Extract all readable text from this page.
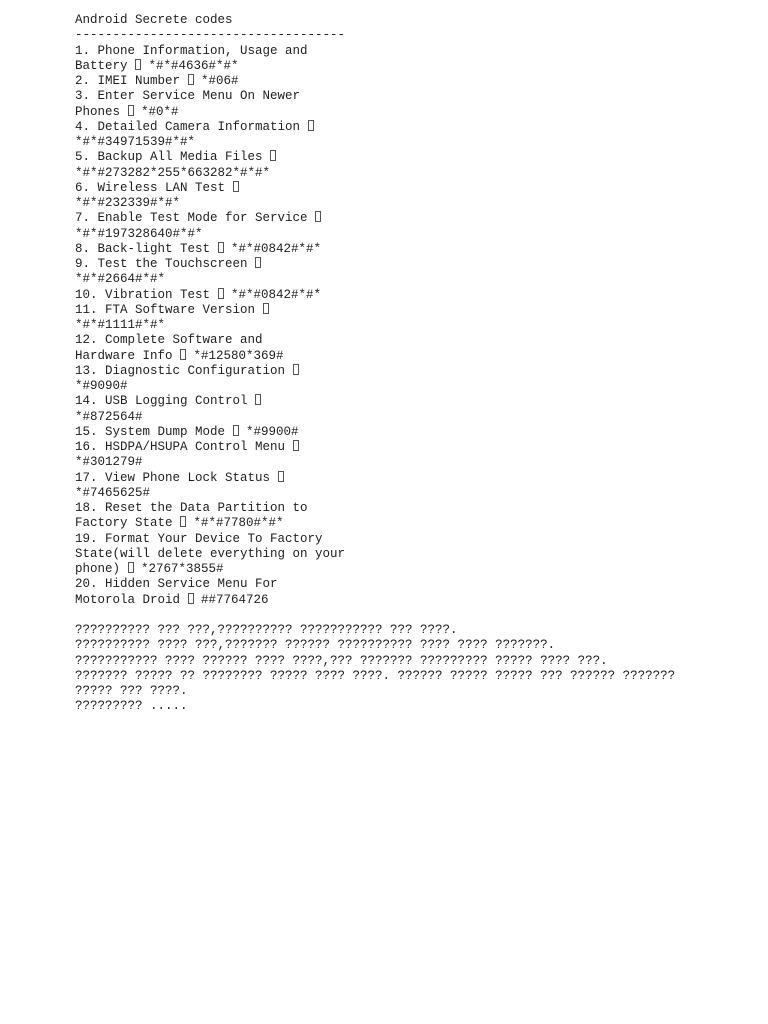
Android Secrete codes
------------------------------------
1. Phone Information, Usage and
Battery  *#*#4636#*#*
2. IMEI Number  *#06#
3. Enter Service Menu On Newer
Phones  *#0*#
4. Detailed Camera Information
*#*#34971539#*#*
5. Backup All Media Files
*#*#273282*255*663282*#*#*
6. Wireless LAN Test
*#*#232339#*#*
7. Enable Test Mode for Service
*#*#197328640#*#*
8. Back-light Test  *#*#0842#*#*
9. Test the Touchscreen
*#*#2664#*#*
10. Vibration Test  *#*#0842#*#*
11. FTA Software Version
*#*#1111#*#*
12. Complete Software and
Hardware Info  *#12580*369#
13. Diagnostic Configuration
*#9090#
14. USB Logging Control
*#872564#
15. System Dump Mode  *#9900#
16. HSDPA/HSUPA Control Menu
*#301279#
17. View Phone Lock Status
*#7465625#
18. Reset the Data Partition to
Factory State  *#*#7780#*#*
19. Format Your Device To Factory
State(will delete everything on your
phone)  *2767*3855#
20. Hidden Service Menu For
Motorola Droid  ##7764726
?????????? ??? ???,?????????? ??????????? ??? ????.
?????????? ???? ???,??????? ?????? ?????????? ???? ???? ???????.
??????????? ???? ?????? ???? ????,??? ??????? ????????? ????? ???? ???.
??????? ????? ?? ???????? ????? ???? ????. ?????? ????? ????? ??? ?????? ???????
????? ??? ????.
????????? .....
